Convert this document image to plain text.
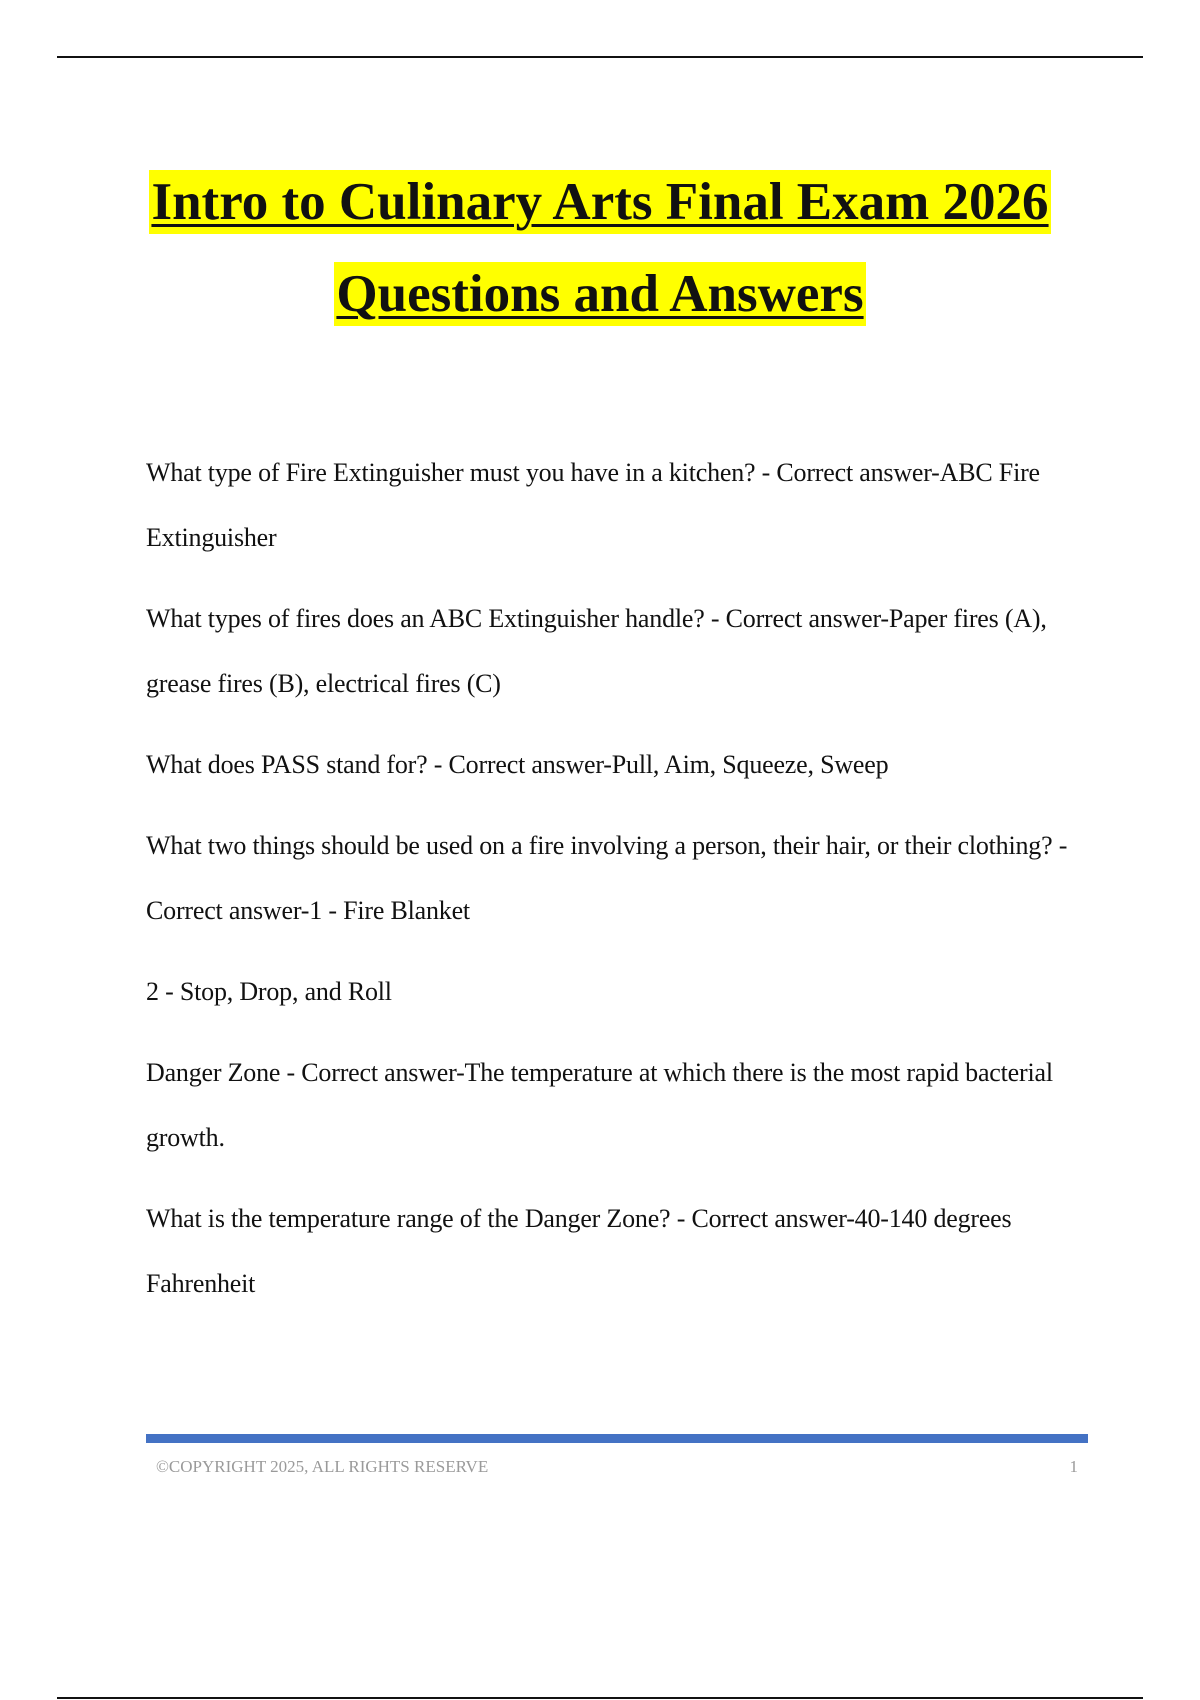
Intro to Culinary Arts Final Exam 2026
Questions and Answers

What type of Fire Extinguisher must you have in a kitchen? - Correct answer-ABC Fire Extinguisher

What types of fires does an ABC Extinguisher handle? - Correct answer-Paper fires (A), grease fires (B), electrical fires (C)

What does PASS stand for? - Correct answer-Pull, Aim, Squeeze, Sweep

What two things should be used on a fire involving a person, their hair, or their clothing? - Correct answer-1 - Fire Blanket

2 - Stop, Drop, and Roll

Danger Zone - Correct answer-The temperature at which there is the most rapid bacterial growth.

What is the temperature range of the Danger Zone? - Correct answer-40-140 degrees Fahrenheit

©COPYRIGHT 2025, ALL RIGHTS RESERVE	1
